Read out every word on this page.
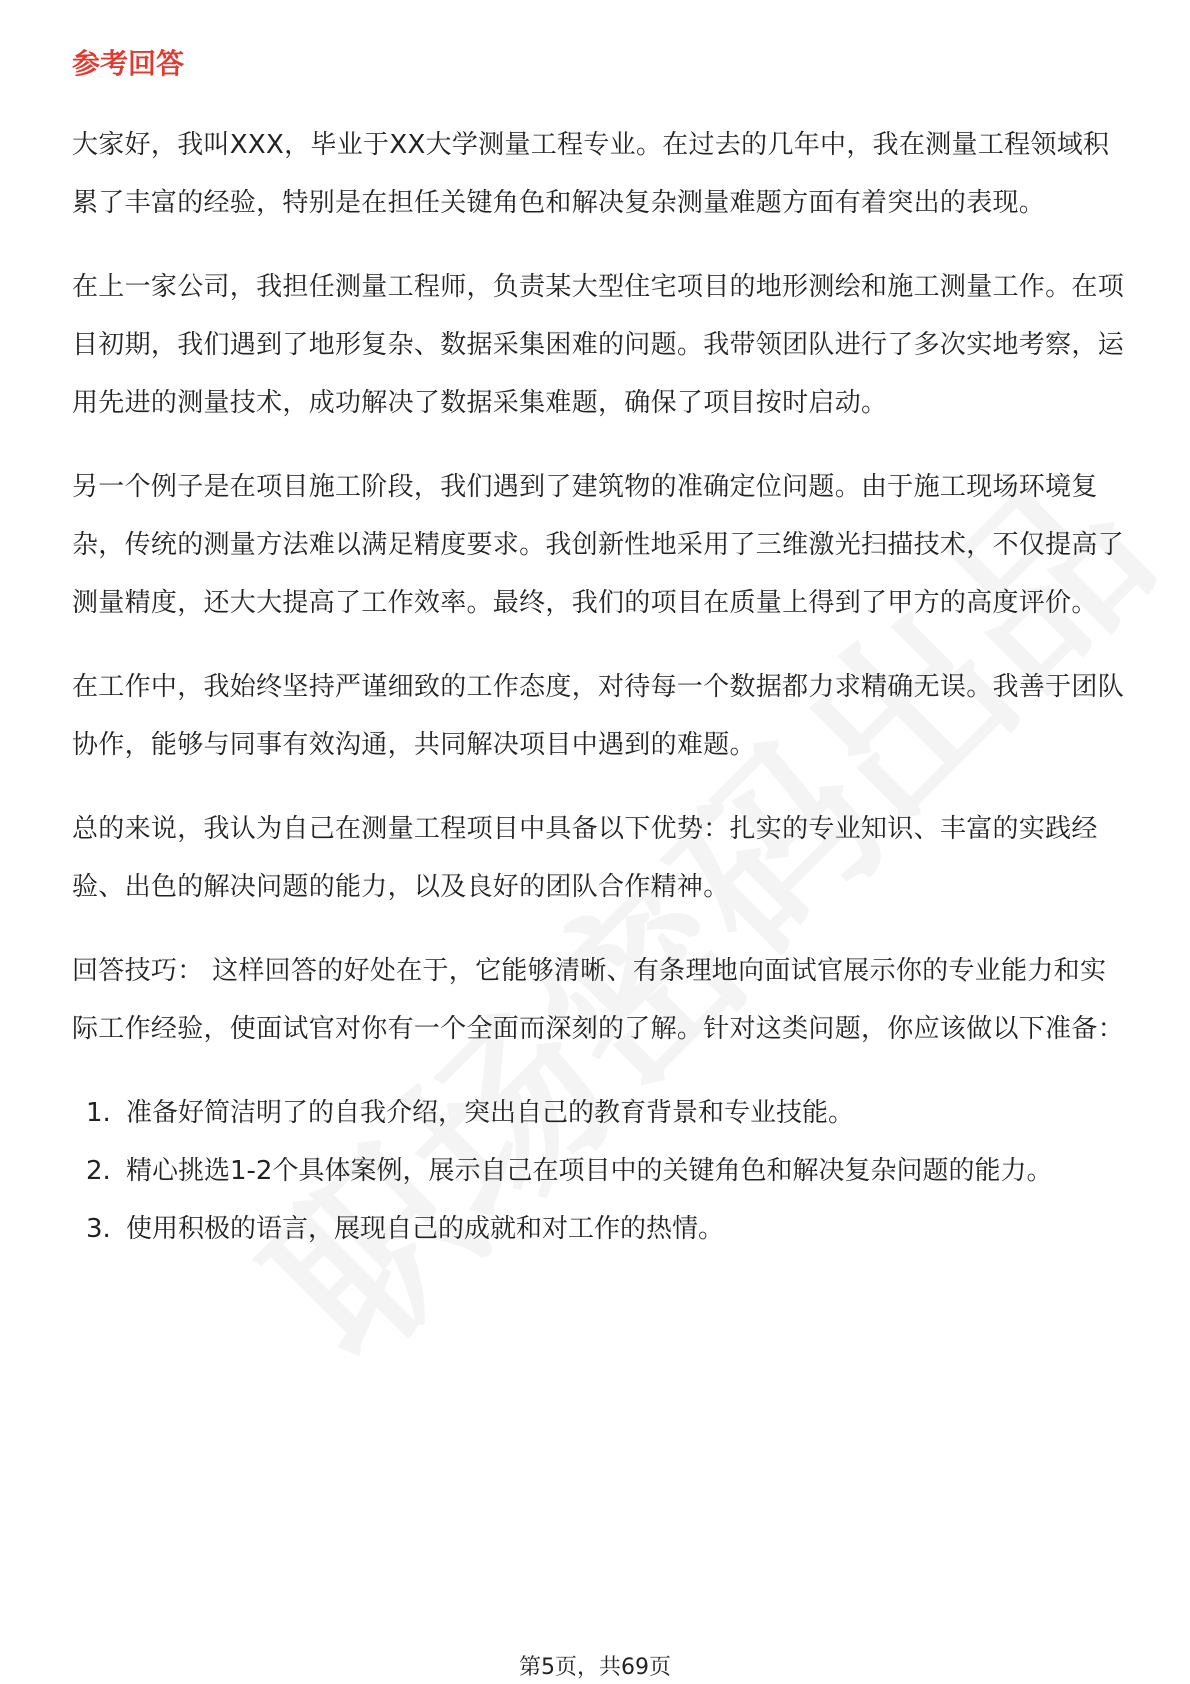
参考回答

大家好，我叫XXX，毕业于XX大学测量工程专业。在过去的几年中，我在测量工程领域积累了丰富的经验，特别是在担任关键角色和解决复杂测量难题方面有着突出的表现。

在上一家公司，我担任测量工程师，负责某大型住宅项目的地形测绘和施工测量工作。在项目初期，我们遇到了地形复杂、数据采集困难的问题。我带领团队进行了多次实地考察，运用先进的测量技术，成功解决了数据采集难题，确保了项目按时启动。

另一个例子是在项目施工阶段，我们遇到了建筑物的准确定位问题。由于施工现场环境复杂，传统的测量方法难以满足精度要求。我创新性地采用了三维激光扫描技术，不仅提高了测量精度，还大大提高了工作效率。最终，我们的项目在质量上得到了甲方的高度评价。

在工作中，我始终坚持严谨细致的工作态度，对待每一个数据都力求精确无误。我善于团队协作，能够与同事有效沟通，共同解决项目中遇到的难题。

总的来说，我认为自己在测量工程项目中具备以下优势：扎实的专业知识、丰富的实践经验、出色的解决问题的能力，以及良好的团队合作精神。

回答技巧： 这样回答的好处在于，它能够清晰、有条理地向面试官展示你的专业能力和实际工作经验，使面试官对你有一个全面而深刻的了解。针对这类问题，你应该做以下准备：

1. 准备好简洁明了的自我介绍，突出自己的教育背景和专业技能。
2. 精心挑选1-2个具体案例，展示自己在项目中的关键角色和解决复杂问题的能力。
3. 使用积极的语言，展现自己的成就和对工作的热情。
第5页，共69页
